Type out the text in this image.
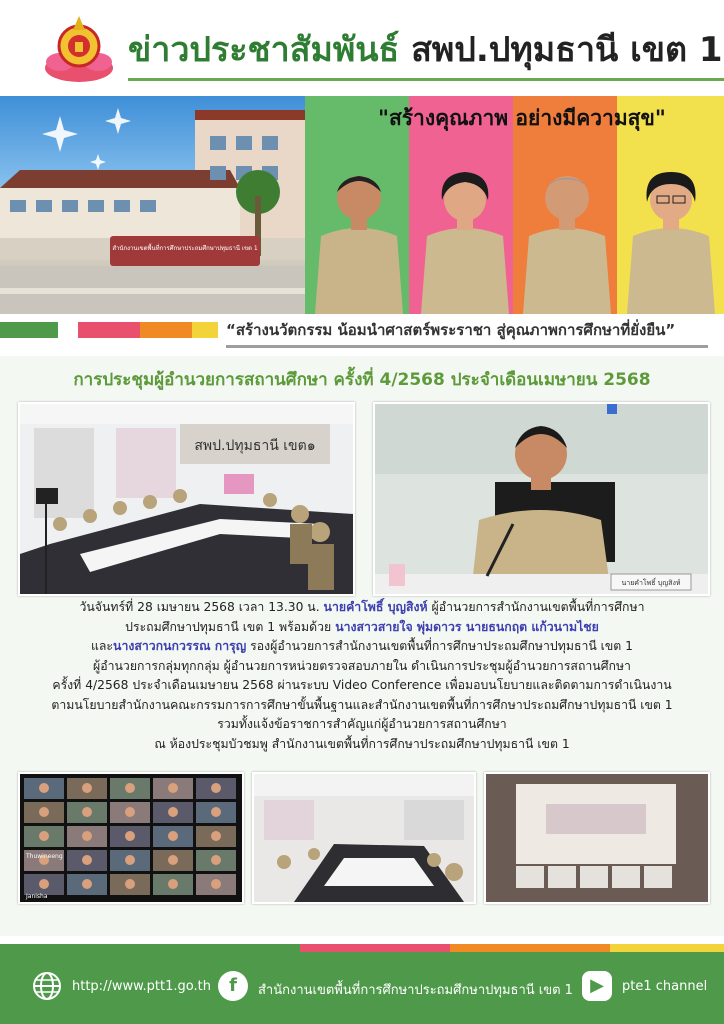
ข่าวประชาสัมพันธ์ สพป.ปทุมธานี เขต 1
สำนักงานเขตพื้นที่การศึกษาประถมศึกษาปทุมธานี เขต 1
"สร้างคุณภาพ อย่างมีความสุข"
“สร้างนวัตกรรม น้อมนำศาสตร์พระราชา สู่คุณภาพการศึกษาที่ยั่งยืน”
การประชุมผู้อำนวยการสถานศึกษา ครั้งที่ 4/2568 ประจำเดือนเมษายน 2568
สพป.ปทุมธานี เขต๑
นายคำโพธิ์ บุญสิงห์
วันจันทร์ที่ 28 เมษายน 2568 เวลา 13.30 น. นายคำโพธิ์ บุญสิงห์ ผู้อำนวยการสำนักงานเขตพื้นที่การศึกษา
ประถมศึกษาปทุมธานี เขต 1 พร้อมด้วย นางสาวสายใจ พุ่มดาวร นายธนกฤต แก้วนามไชย
และนางสาวกนกวรรณ การุญ รองผู้อำนวยการสำนักงานเขตพื้นที่การศึกษาประถมศึกษาปทุมธานี เขต 1
ผู้อำนวยการกลุ่มทุกกลุ่ม ผู้อำนวยการหน่วยตรวจสอบภายใน ดำเนินการประชุมผู้อำนวยการสถานศึกษา
ครั้งที่ 4/2568 ประจำเดือนเมษายน 2568 ผ่านระบบ Video Conference เพื่อมอบนโยบายและติดตามการดำเนินงาน
ตามนโยบายสำนักงานคณะกรรมการการศึกษาขั้นพื้นฐานและสำนักงานเขตพื้นที่การศึกษาประถมศึกษาปทุมธานี เขต 1
รวมทั้งแจ้งข้อราชการสำคัญแก่ผู้อำนวยการสถานศึกษา
ณ ห้องประชุมบัวชมพู สำนักงานเขตพื้นที่การศึกษาประถมศึกษาปทุมธานี เขต 1
Thuwineeng
Janisha
http://www.ptt1.go.th	f	สำนักงานเขตพื้นที่การศึกษาประถมศึกษาปทุมธานี เขต 1 ▶	pte1 channel
